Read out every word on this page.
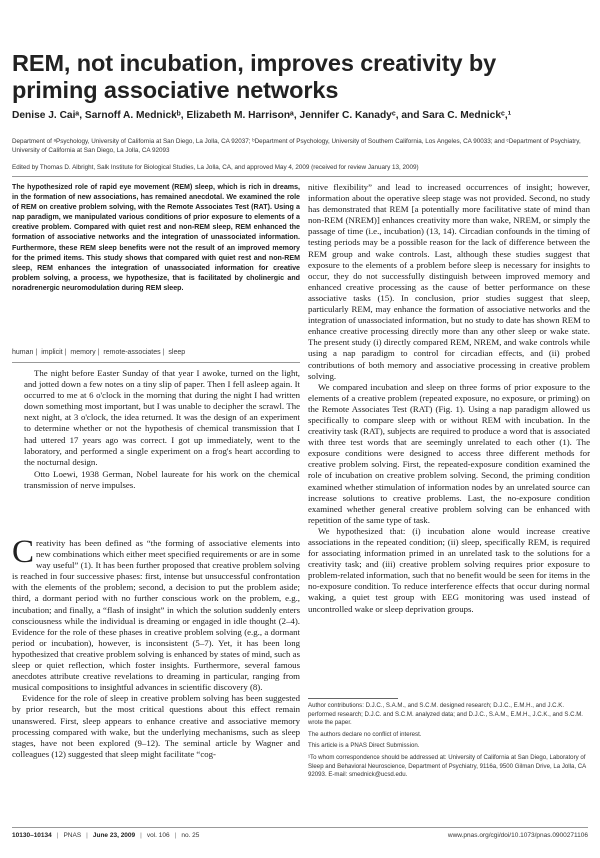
REM, not incubation, improves creativity by priming associative networks
Denise J. Caiᵃ, Sarnoff A. Mednickᵇ, Elizabeth M. Harrisonᵃ, Jennifer C. Kanadyᶜ, and Sara C. Mednickᶜ,¹
Department of ᵃPsychology, University of California at San Diego, La Jolla, CA 92037; ᵇDepartment of Psychology, University of Southern California, Los Angeles, CA 90033; and ᶜDepartment of Psychiatry, University of California at San Diego, La Jolla, CA 92093
Edited by Thomas D. Albright, Salk Institute for Biological Studies, La Jolla, CA, and approved May 4, 2009 (received for review January 13, 2009)
The hypothesized role of rapid eye movement (REM) sleep, which is rich in dreams, in the formation of new associations, has remained anecdotal. We examined the role of REM on creative problem solving, with the Remote Associates Test (RAT). Using a nap paradigm, we manipulated various conditions of prior exposure to elements of a creative problem. Compared with quiet rest and non-REM sleep, REM enhanced the formation of associative networks and the integration of unassociated information. Furthermore, these REM sleep benefits were not the result of an improved memory for the primed items. This study shows that compared with quiet rest and non-REM sleep, REM enhances the integration of unassociated information for creative problem solving, a process, we hypothesize, that is facilitated by cholinergic and noradrenergic neuromodulation during REM sleep.
human | implicit | memory | remote-associates | sleep

The night before Easter Sunday of that year I awoke, turned on the light, and jotted down a few notes on a tiny slip of paper. Then I fell asleep again. It occurred to me at 6 o'clock in the morning that during the night I had written down something most important, but I was unable to decipher the scrawl. The next night, at 3 o'clock, the idea returned. It was the design of an experiment to determine whether or not the hypothesis of chemical transmission that I had uttered 17 years ago was correct. I got up immediately, went to the laboratory, and performed a single experiment on a frog's heart according to the nocturnal design.

Otto Loewi, 1938 German, Nobel laureate for his work on the chemical transmission of nerve impulses.

Creativity has been defined as “the forming of associative elements into new combinations which either meet specified requirements or are in some way useful” (1). It has been further proposed that creative problem solving is reached in four successive phases: first, intense but unsuccessful confrontation with the elements of the problem; second, a decision to put the problem aside; third, a dormant period with no further conscious work on the problem, e.g., incubation; and finally, a “flash of insight” in which the solution suddenly enters consciousness while the individual is dreaming or engaged in idle thought (2–4). Evidence for the role of these phases in creative problem solving (e.g., a dormant period or incubation), however, is inconsistent (5–7). Yet, it has been long hypothesized that creative problem solving is enhanced by states of mind, such as sleep or quiet reflection, which foster insights. Furthermore, several famous anecdotes attribute creative revelations to dreaming in particular, ranging from musical compositions to insightful advances in scientific discovery (8).

Evidence for the role of sleep in creative problem solving has been suggested by prior research, but the most critical questions about this effect remain unanswered. First, sleep appears to enhance creative and associative memory processing compared with wake, but the underlying mechanisms, such as sleep stages, have not been explored (9–12). The seminal article by Wagner and colleagues (12) suggested that sleep might facilitate “cog-

nitive flexibility” and lead to increased occurrences of insight; however, information about the operative sleep stage was not provided. Second, no study has demonstrated that REM [a potentially more facilitative state of mind than non-REM (NREM)] enhances creativity more than wake, NREM, or simply the passage of time (i.e., incubation) (13, 14). Circadian confounds in the timing of testing periods may be a possible reason for the lack of difference between the REM group and wake controls. Last, although these studies suggest that exposure to the elements of a problem before sleep is necessary for insights to occur, they do not successfully distinguish between improved memory and enhanced creative processing as the cause of better performance on these associative tasks (15). In conclusion, prior studies suggest that sleep, particularly REM, may enhance the formation of associative networks and the integration of unassociated information, but no study to date has shown REM to enhance creative processing directly more than any other sleep or wake state. The present study (i) directly compared REM, NREM, and wake controls while using a nap paradigm to control for circadian effects, and (ii) probed contributions of both memory and associative processing in creative problem solving.

We compared incubation and sleep on three forms of prior exposure to the elements of a creative problem (repeated exposure, no exposure, or priming) on the Remote Associates Test (RAT) (Fig. 1). Using a nap paradigm allowed us specifically to compare sleep with or without REM with incubation. In the creativity task (RAT), subjects are required to produce a word that is associated with three test words that are seemingly unrelated to each other (1). The exposure conditions were designed to access three different methods for creative problem solving. First, the repeated-exposure condition examined the role of incubation on creative problem solving. Second, the priming condition examined whether stimulation of information nodes by an unrelated source can increase solutions to creative problems. Last, the no-exposure condition examined whether general creative problem solving can be enhanced with repetition of the same type of task.

We hypothesized that: (i) incubation alone would increase creative associations in the repeated condition; (ii) sleep, specifically REM, is required for associating information primed in an unrelated task to the solutions for a creativity task; and (iii) creative problem solving requires prior exposure to problem-related information, such that no benefit would be seen for items in the no-exposure condition. To reduce interference effects that occur during normal waking, a quiet test group with EEG monitoring was used instead of uncontrolled wake or sleep deprivation groups.

Author contributions: D.J.C., S.A.M., and S.C.M. designed research; D.J.C., E.M.H., and J.C.K. performed research; D.J.C. and S.C.M. analyzed data; and D.J.C., S.A.M., E.M.H., J.C.K., and S.C.M. wrote the paper.

The authors declare no conflict of interest.

This article is a PNAS Direct Submission.

¹To whom correspondence should be addressed at: University of California at San Diego, Laboratory of Sleep and Behavioral Neuroscience, Department of Psychiatry, 9116a, 9500 Gilman Drive, La Jolla, CA 92093. E-mail: smednick@ucsd.edu.

10130–10134 | PNAS | June 23, 2009 | vol. 106 | no. 25	www.pnas.org/cgi/doi/10.1073/pnas.0900271106
